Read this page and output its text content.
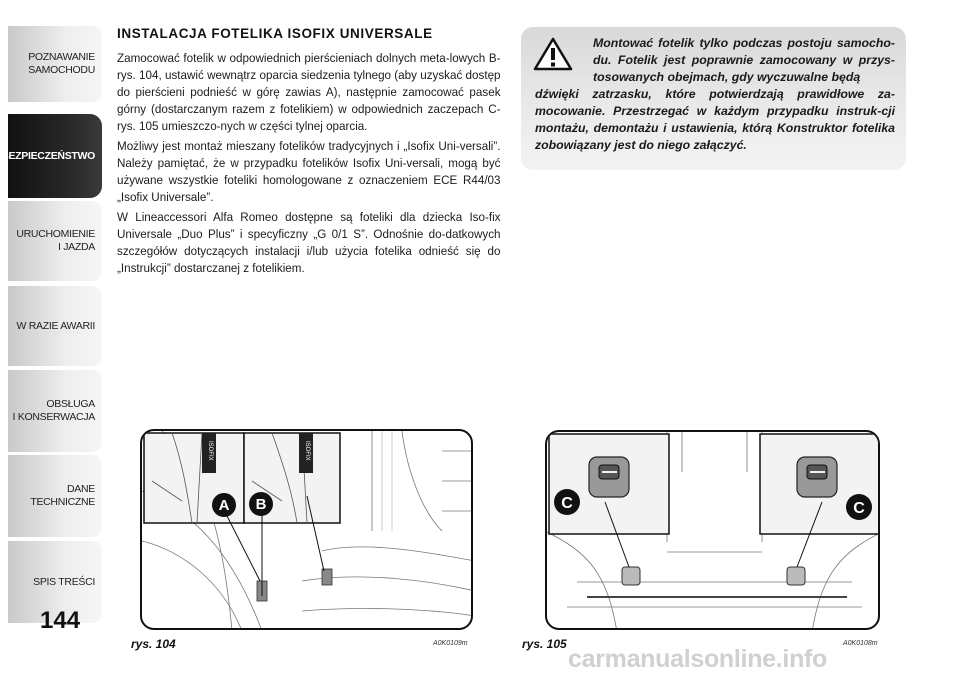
POZNAWANIE
SAMOCHODU
BEZPIECZEŃSTWO
URUCHOMIENIE
I JAZDA
W RAZIE AWARII
OBSŁUGA
I KONSERWACJA
DANE
TECHNICZNE
SPIS TREŚCI
144
INSTALACJA FOTELIKA ISOFIX UNIVERSALE

Zamocować fotelik w odpowiednich pierścieniach dolnych meta-lowych B-rys. 104, ustawić wewnątrz oparcia siedzenia tylnego (aby uzyskać dostęp do pierścieni podnieść w górę zawias A), następnie zamocować pasek górny (dostarczanym razem z fotelikiem) w odpowiednich zaczepach C-rys. 105 umieszczo-nych w części tylnej oparcia.

Możliwy jest montaż mieszany fotelików tradycyjnych i „Isofix Uni-versali”. Należy pamiętać, że w przypadku fotelików Isofix Uni-versali, mogą być używane wszystkie foteliki homologowane z oznaczeniem ECE R44/03 „Isofix Universale”.

W Lineaccessori Alfa Romeo dostępne są foteliki dla dziecka Iso-fix Universale „Duo Plus” i specyficzny „G 0/1 S”. Odnośnie do-datkowych szczegółów dotyczących instalacji i/lub użycia fotelika odnieść się do „Instrukcji” dostarczanej z fotelikiem.

Montować fotelik tylko podczas postoju samocho-du. Fotelik jest poprawnie zamocowany w przys-tosowanych obejmach, gdy wyczuwalne będą
dźwięki zatrzasku, które potwierdzają prawidłowe za-mocowanie. Przestrzegać w każdym przypadku instruk-cji montażu, demontażu i ustawienia, którą Konstruktor fotelika zobowiązany jest do niego załączyć.
ISOFIX	ISOFIX
A B
rys. 104	A0K0109m
C	C
rys. 105	A0K0108m
carmanualsonline.info
